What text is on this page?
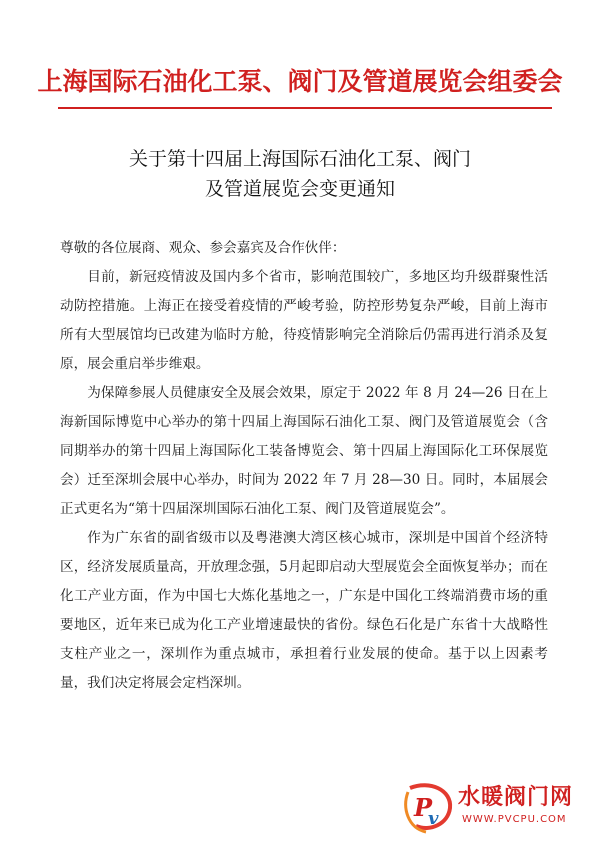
上海国际石油化工泵、阀门及管道展览会组委会
关于第十四届上海国际石油化工泵、阀门
及管道展览会变更通知

尊敬的各位展商、观众、参会嘉宾及合作伙伴：

目前，新冠疫情波及国内多个省市，影响范围较广，多地区均升级群聚性活动防控措施。上海正在接受着疫情的严峻考验，防控形势复杂严峻，目前上海市所有大型展馆均已改建为临时方舱，待疫情影响完全消除后仍需再进行消杀及复原，展会重启举步维艰。

为保障参展人员健康安全及展会效果，原定于 2022 年 8 月 24—26 日在上海新国际博览中心举办的第十四届上海国际石油化工泵、阀门及管道展览会（含同期举办的第十四届上海国际化工装备博览会、第十四届上海国际化工环保展览会）迁至深圳会展中心举办，时间为 2022 年 7 月 28—30 日。同时，本届展会正式更名为“第十四届深圳国际石油化工泵、阀门及管道展览会”。

作为广东省的副省级市以及粤港澳大湾区核心城市，深圳是中国首个经济特区，经济发展质量高，开放理念强，5月起即启动大型展览会全面恢复举办；而在化工产业方面，作为中国七大炼化基地之一，广东是中国化工终端消费市场的重要地区，近年来已成为化工产业增速最快的省份。绿色石化是广东省十大战略性支柱产业之一，深圳作为重点城市，承担着行业发展的使命。基于以上因素考量，我们决定将展会定档深圳。

P
v
水暖阀门网
WWW.PVCPU.COM
